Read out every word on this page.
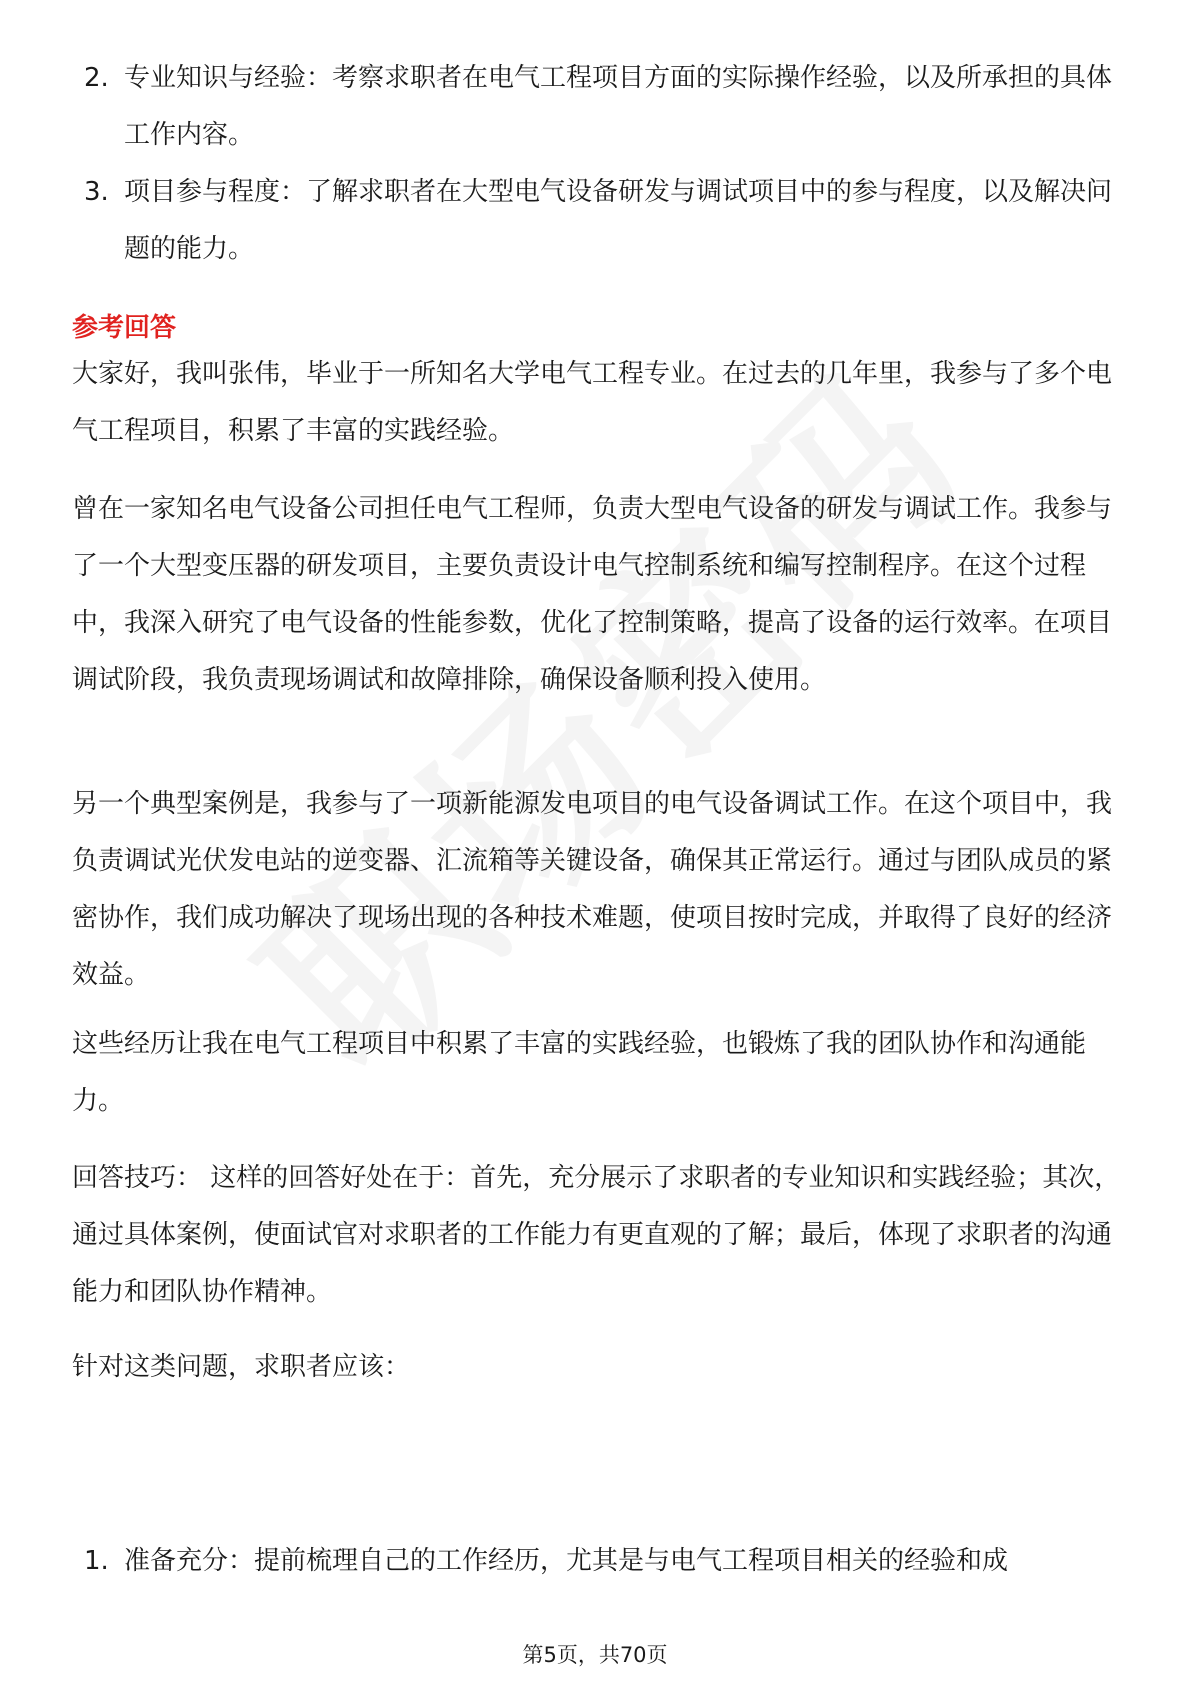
2. 专业知识与经验：考察求职者在电气工程项目方面的实际操作经验，以及所承担的具体工作内容。
3. 项目参与程度：了解求职者在大型电气设备研发与调试项目中的参与程度，以及解决问题的能力。
参考回答

大家好，我叫张伟，毕业于一所知名大学电气工程专业。在过去的几年里，我参与了多个电气工程项目，积累了丰富的实践经验。

曾在一家知名电气设备公司担任电气工程师，负责大型电气设备的研发与调试工作。我参与了一个大型变压器的研发项目，主要负责设计电气控制系统和编写控制程序。在这个过程中，我深入研究了电气设备的性能参数，优化了控制策略，提高了设备的运行效率。在项目调试阶段，我负责现场调试和故障排除，确保设备顺利投入使用。

另一个典型案例是，我参与了一项新能源发电项目的电气设备调试工作。在这个项目中，我负责调试光伏发电站的逆变器、汇流箱等关键设备，确保其正常运行。通过与团队成员的紧密协作，我们成功解决了现场出现的各种技术难题，使项目按时完成，并取得了良好的经济效益。

这些经历让我在电气工程项目中积累了丰富的实践经验，也锻炼了我的团队协作和沟通能力。

回答技巧： 这样的回答好处在于：首先，充分展示了求职者的专业知识和实践经验；其次，通过具体案例，使面试官对求职者的工作能力有更直观的了解；最后，体现了求职者的沟通能力和团队协作精神。

针对这类问题，求职者应该：

1. 准备充分：提前梳理自己的工作经历，尤其是与电气工程项目相关的经验和成
第5页，共70页
